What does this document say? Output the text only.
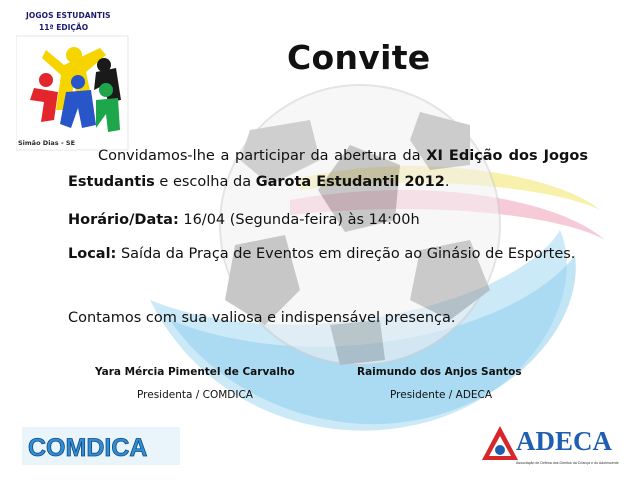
JOGOS ESTUDANTIS
11ª EDIÇÃO
Simão Dias - SE
Convite
Convidamos-lhe a participar da abertura da XI Edição dos Jogos Estudantis e escolha da Garota Estudantil 2012.
Horário/Data: 16/04 (Segunda-feira) às 14:00h
Local: Saída da Praça de Eventos em direção ao Ginásio de Esportes.
Contamos com sua valiosa e indispensável presença.
Yara Mércia Pimentel de Carvalho
Presidenta / COMDICA
Raimundo dos Anjos Santos
Presidente / ADECA
COMDICA	ADECA
Associação de Defesa dos Direitos da Criança e do Adolescente
